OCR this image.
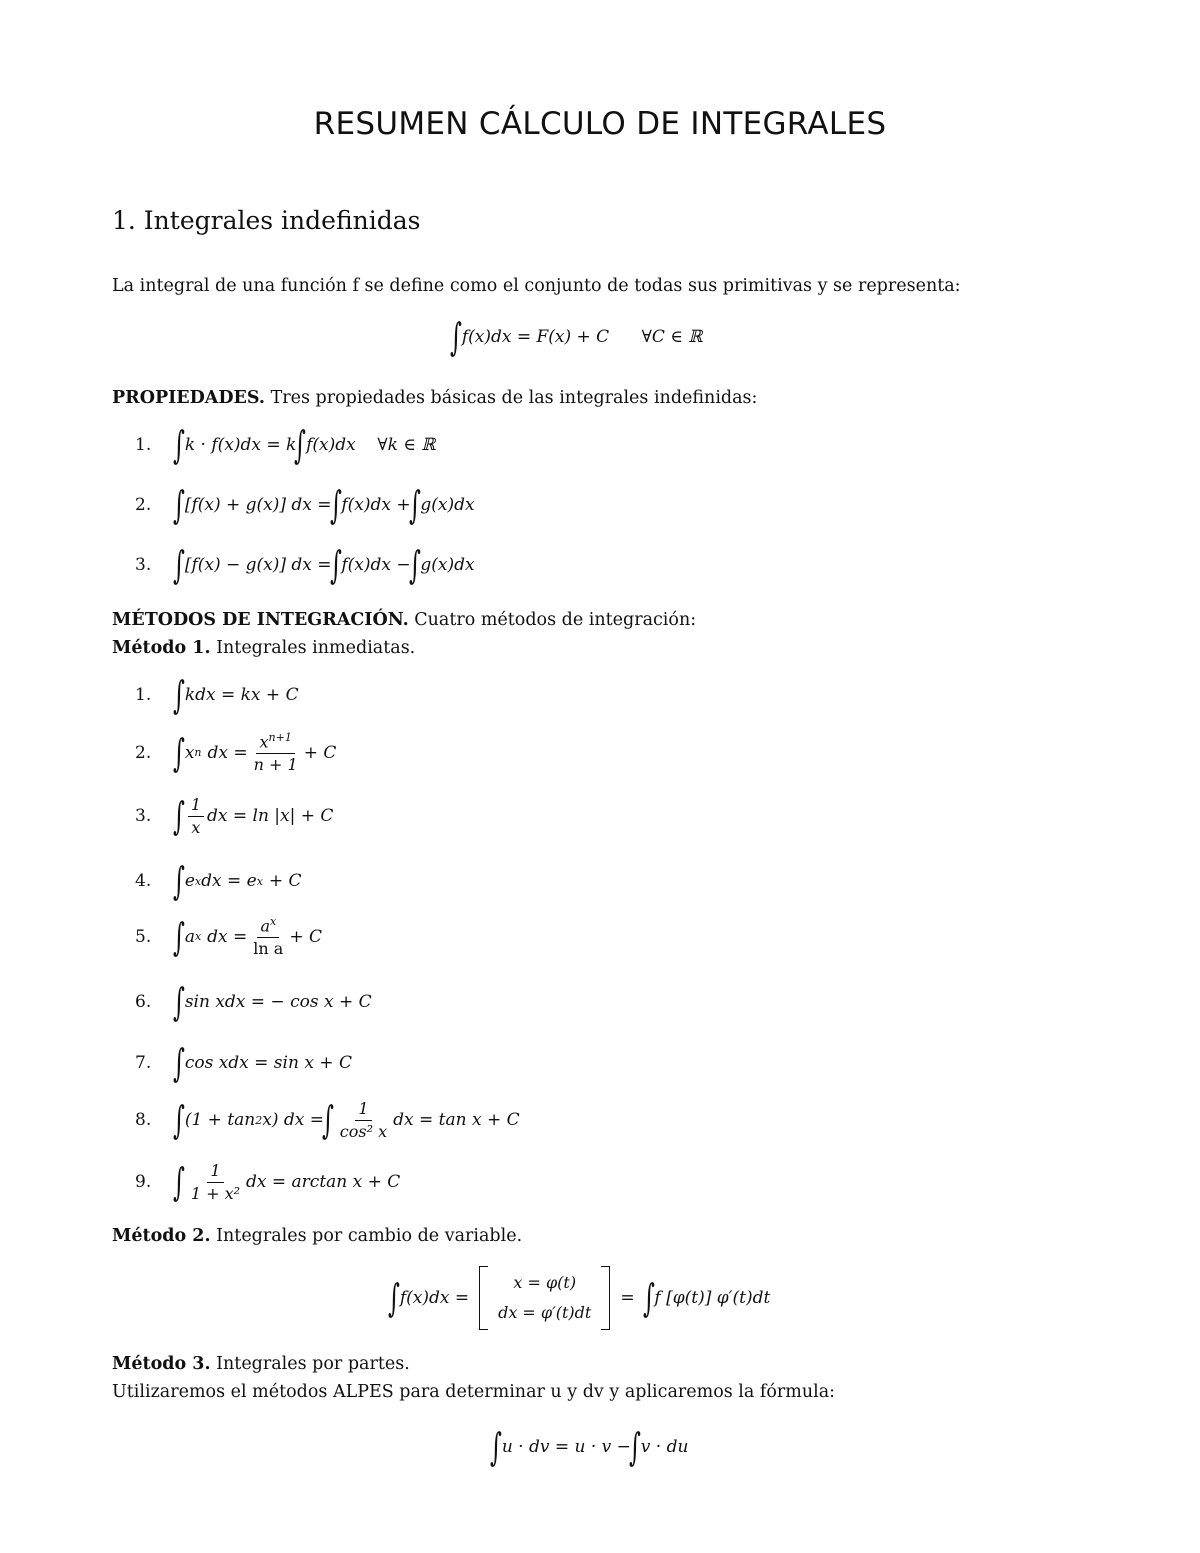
RESUMEN CÁLCULO DE INTEGRALES
1. Integrales indefinidas
La integral de una función f se define como el conjunto de todas sus primitivas y se representa:
∫ f(x)dx = F(x) + C      ∀C ∈ ℝ
PROPIEDADES. Tres propiedades básicas de las integrales indefinidas:
1. ∫ k · f(x)dx = k
∫ f(x)dx    ∀k ∈ ℝ
2. ∫ [f(x) + g(x)] dx =
∫ f(x)dx +
∫ g(x)dx
3. ∫ [f(x) − g(x)] dx =
∫ f(x)dx −
∫ g(x)dx
MÉTODOS DE INTEGRACIÓN. Cuatro métodos de integración:
Método 1. Integrales inmediatas.
1. ∫ kdx = kx + C
2. ∫ x n dx = $\frac{x^{n+1}}{n + 1} + C$
3. ∫ $\frac{1}{x}$ dx = ln |x| + C
4. ∫ e x dx = e x + C
5. ∫ a x dx = $\frac{a^x}{\text{ln a}} + C$
6. ∫ sin xdx = − cos x + C
7. ∫ cos xdx = sin x + C
8. ∫ (1 + tan 2 x) dx =
∫ $\frac{1}{\text{cos² x}}$ dx = tan x + C
9. ∫ $\frac{1}{\text{1 + x²}}$ dx = arctan x + C
Método 2. Integrales por cambio de variable.
∫ f(x)dx =
x = φ(t)
dx = φ′(t)dt
= ∫ f [φ(t)] φ′(t)dt
Método 3. Integrales por partes.
Utilizaremos el métodos ALPES para determinar u y dv y aplicaremos la fórmula:
∫ u · dv = u · v −
∫ v · du
